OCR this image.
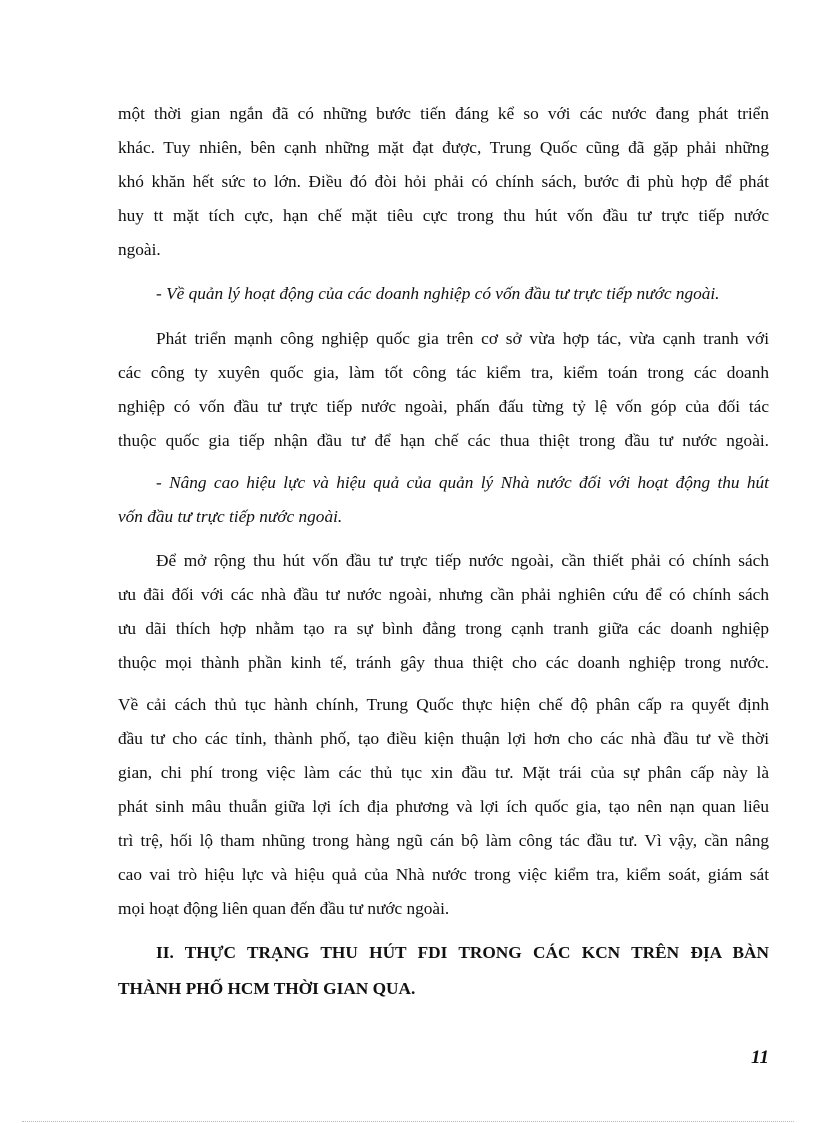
một thời gian ngắn đã có những bước tiến đáng kể so với các nước đang phát triển
khác. Tuy nhiên, bên cạnh những mặt đạt được, Trung Quốc cũng đã gặp phải những
khó khăn hết sức to lớn. Điều đó đòi hỏi phải có chính sách, bước đi phù hợp để phát
huy tt mặt tích cực, hạn chế mặt tiêu cực trong thu hút vốn đầu tư trực tiếp nước
ngoài.
- Về quản lý hoạt động của các doanh nghiệp có vốn đầu tư trực tiếp nước ngoài.
Phát triển mạnh công nghiệp quốc gia trên cơ sở vừa hợp tác, vừa cạnh tranh với
các công ty xuyên quốc gia, làm tốt công tác kiểm tra, kiểm toán trong các doanh
nghiệp có vốn đầu tư trực tiếp nước ngoài, phấn đấu từng tỷ lệ vốn góp của đối tác
thuộc quốc gia tiếp nhận đầu tư để hạn chế các thua thiệt trong đầu tư nước ngoài.
- Nâng cao hiệu lực và hiệu quả của quản lý Nhà nước đối với hoạt động thu hút
vốn đầu tư trực tiếp nước ngoài.
Để mở rộng thu hút vốn đầu tư trực tiếp nước ngoài, cần thiết phải có chính sách
ưu đãi đối với các nhà đầu tư nước ngoài, nhưng cần phải nghiên cứu để có chính sách
ưu dãi thích hợp nhằm tạo ra sự bình đẳng trong cạnh tranh giữa các doanh nghiệp
thuộc mọi thành phần kinh tế, tránh gây thua thiệt cho các doanh nghiệp trong nước.
Về cải cách thủ tục hành chính, Trung Quốc thực hiện chế độ phân cấp ra quyết định
đầu tư cho các tỉnh, thành phố, tạo điều kiện thuận lợi hơn cho các nhà đầu tư về thời
gian, chi phí trong việc làm các thủ tục xin đầu tư. Mặt trái của sự phân cấp này là
phát sinh mâu thuẫn giữa lợi ích địa phương và lợi ích quốc gia, tạo nên nạn quan liêu
trì trệ, hối lộ tham nhũng trong hàng ngũ cán bộ làm công tác đầu tư. Vì vậy, cần nâng
cao vai trò hiệu lực và hiệu quả của Nhà nước trong việc kiểm tra, kiểm soát, giám sát
mọi hoạt động liên quan đến đầu tư nước ngoài.
II. THỰC TRẠNG THU HÚT FDI TRONG CÁC KCN TRÊN ĐỊA BÀN
THÀNH PHỐ HCM THỜI GIAN QUA.
11
